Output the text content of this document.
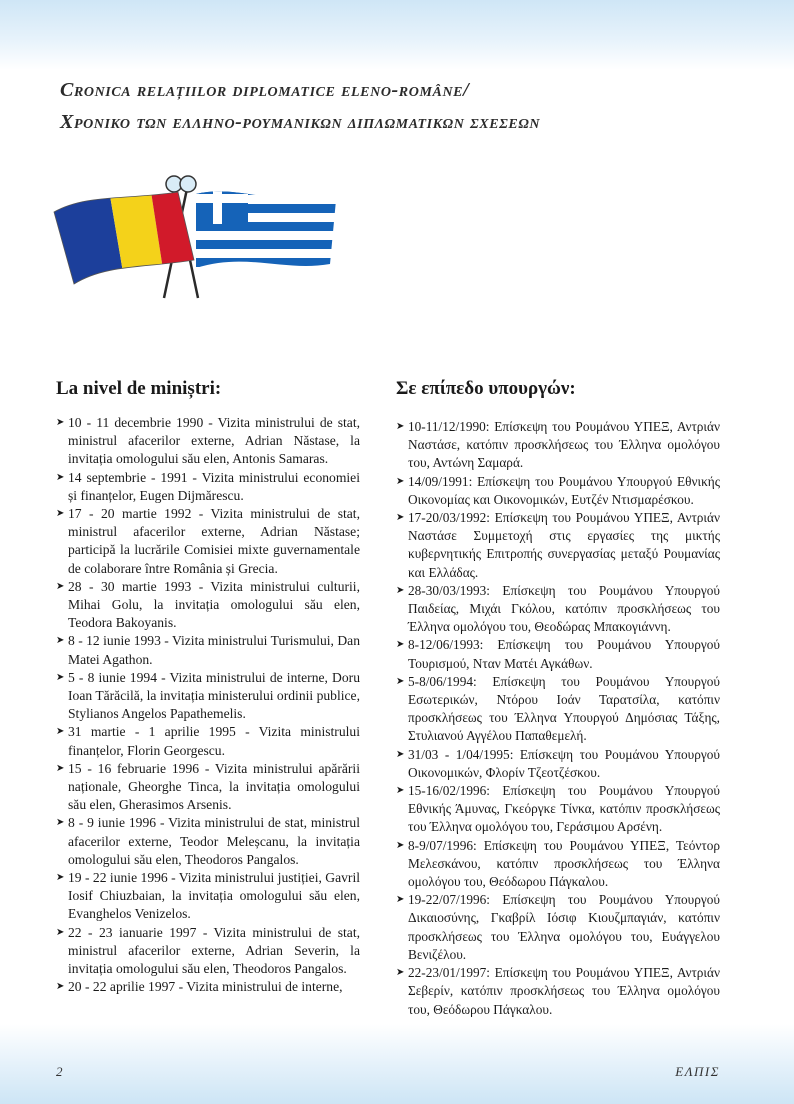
Cronica relațiilor diplomatice eleno-române/
Χρονικο των ελληνο-ρουμανικων διπλωματικων σχεσεων
La nivel de miniștri:	Σε επίπεδο υπουργών:

➤ 10 - 11 decembrie 1990 - Vizita ministrului de stat, ministrul afacerilor externe, Adrian Năstase, la invitația omologului său elen, Antonis Samaras.

➤ 14 septembrie - 1991 - Vizita ministrului economiei și finanțelor, Eugen Dijmărescu.

➤ 17 - 20 martie 1992 - Vizita ministrului de stat, ministrul afacerilor externe, Adrian Năstase; participă la lucrările Comisiei mixte guvernamentale de colaborare între România și Grecia.

➤ 28 - 30 martie 1993 - Vizita ministrului culturii, Mihai Golu, la invitația omologului său elen, Teodora Bakoyanis.

➤ 8 - 12 iunie 1993 - Vizita ministrului Turismului, Dan Matei Agathon.

➤ 5 - 8 iunie 1994 - Vizita ministrului de interne, Doru Ioan Tărăcilă, la invitația ministerului ordinii publice, Stylianos Angelos Papathemelis.

➤ 31 martie - 1 aprilie 1995 - Vizita ministrului finanțelor, Florin Georgescu.

➤ 15 - 16 februarie 1996 - Vizita ministrului apărării naționale, Gheorghe Tinca, la invitația omologului său elen, Gherasimos Arsenis.

➤ 8 - 9 iunie 1996 - Vizita ministrului de stat, ministrul afacerilor externe, Teodor Meleșcanu, la invitația omologului său elen, Theodoros Pangalos.

➤ 19 - 22 iunie 1996 - Vizita ministrului justiției, Gavril Iosif Chiuzbaian, la invitația omologului său elen, Evanghelos Venizelos.

➤ 22 - 23 ianuarie 1997 - Vizita ministrului de stat, ministrul afacerilor externe, Adrian Severin, la invitația omologului său elen, Theodoros Pangalos.

➤ 20 - 22 aprilie 1997 - Vizita ministrului de interne,

➤ 10-11/12/1990: Επίσκεψη του Ρουμάνου ΥΠΕΞ, Αντριάν Ναστάσε, κατόπιν προσκλήσεως του Έλληνα ομολόγου του, Αντώνη Σαμαρά.

➤ 14/09/1991: Επίσκεψη του Ρουμάνου Υπουργού Εθνικής Οικονομίας και Οικονομικών, Ευτζέν Ντισμαρέσκου.

➤ 17-20/03/1992: Επίσκεψη του Ρουμάνου ΥΠΕΞ, Αντριάν Ναστάσε Συμμετοχή στις εργασίες της μικτής κυβερνητικής Επιτροπής συνεργασίας μεταξύ Ρουμανίας και Ελλάδας.

➤ 28-30/03/1993: Επίσκεψη του Ρουμάνου Υπουργού Παιδείας, Μιχάι Γκόλου, κατόπιν προσκλήσεως του Έλληνα ομολόγου του, Θεοδώρας Μπακογιάννη.

➤ 8-12/06/1993: Επίσκεψη του Ρουμάνου Υπουργού Τουρισμού, Νταν Ματέι Αγκάθων.

➤ 5-8/06/1994: Επίσκεψη του Ρουμάνου Υπουργού Εσωτερικών, Ντόρου Ιοάν Ταρατσίλα, κατόπιν προσκλήσεως του Έλληνα Υπουργού Δημόσιας Τάξης, Στυλιανού Αγγέλου Παπαθεμελή.

➤ 31/03 - 1/04/1995: Επίσκεψη του Ρουμάνου Υπουργού Οικονομικών, Φλορίν Τζεοτζέσκου.

➤ 15-16/02/1996: Επίσκεψη του Ρουμάνου Υπουργού Εθνικής Άμυνας, Γκεόργκε Τίνκα, κατόπιν προσκλήσεως του Έλληνα ομολόγου του, Γεράσιμου Αρσένη.

➤ 8-9/07/1996: Επίσκεψη του Ρουμάνου ΥΠΕΞ, Τεόντορ Μελεσκάνου, κατόπιν προσκλήσεως του Έλληνα ομολόγου του, Θεόδωρου Πάγκαλου.

➤ 19-22/07/1996: Επίσκεψη του Ρουμάνου Υπουργού Δικαιοσύνης, Γκαβρίλ Ιόσιφ Κιουζμπαγιάν, κατόπιν προσκλήσεως του Έλληνα ομολόγου του, Ευάγγελου Βενιζέλου.

➤ 22-23/01/1997: Επίσκεψη του Ρουμάνου ΥΠΕΞ, Αντριάν Σεβερίν, κατόπιν προσκλήσεως του Έλληνα ομολόγου του, Θεόδωρου Πάγκαλου.

2	ΕΛΠΙΣ
